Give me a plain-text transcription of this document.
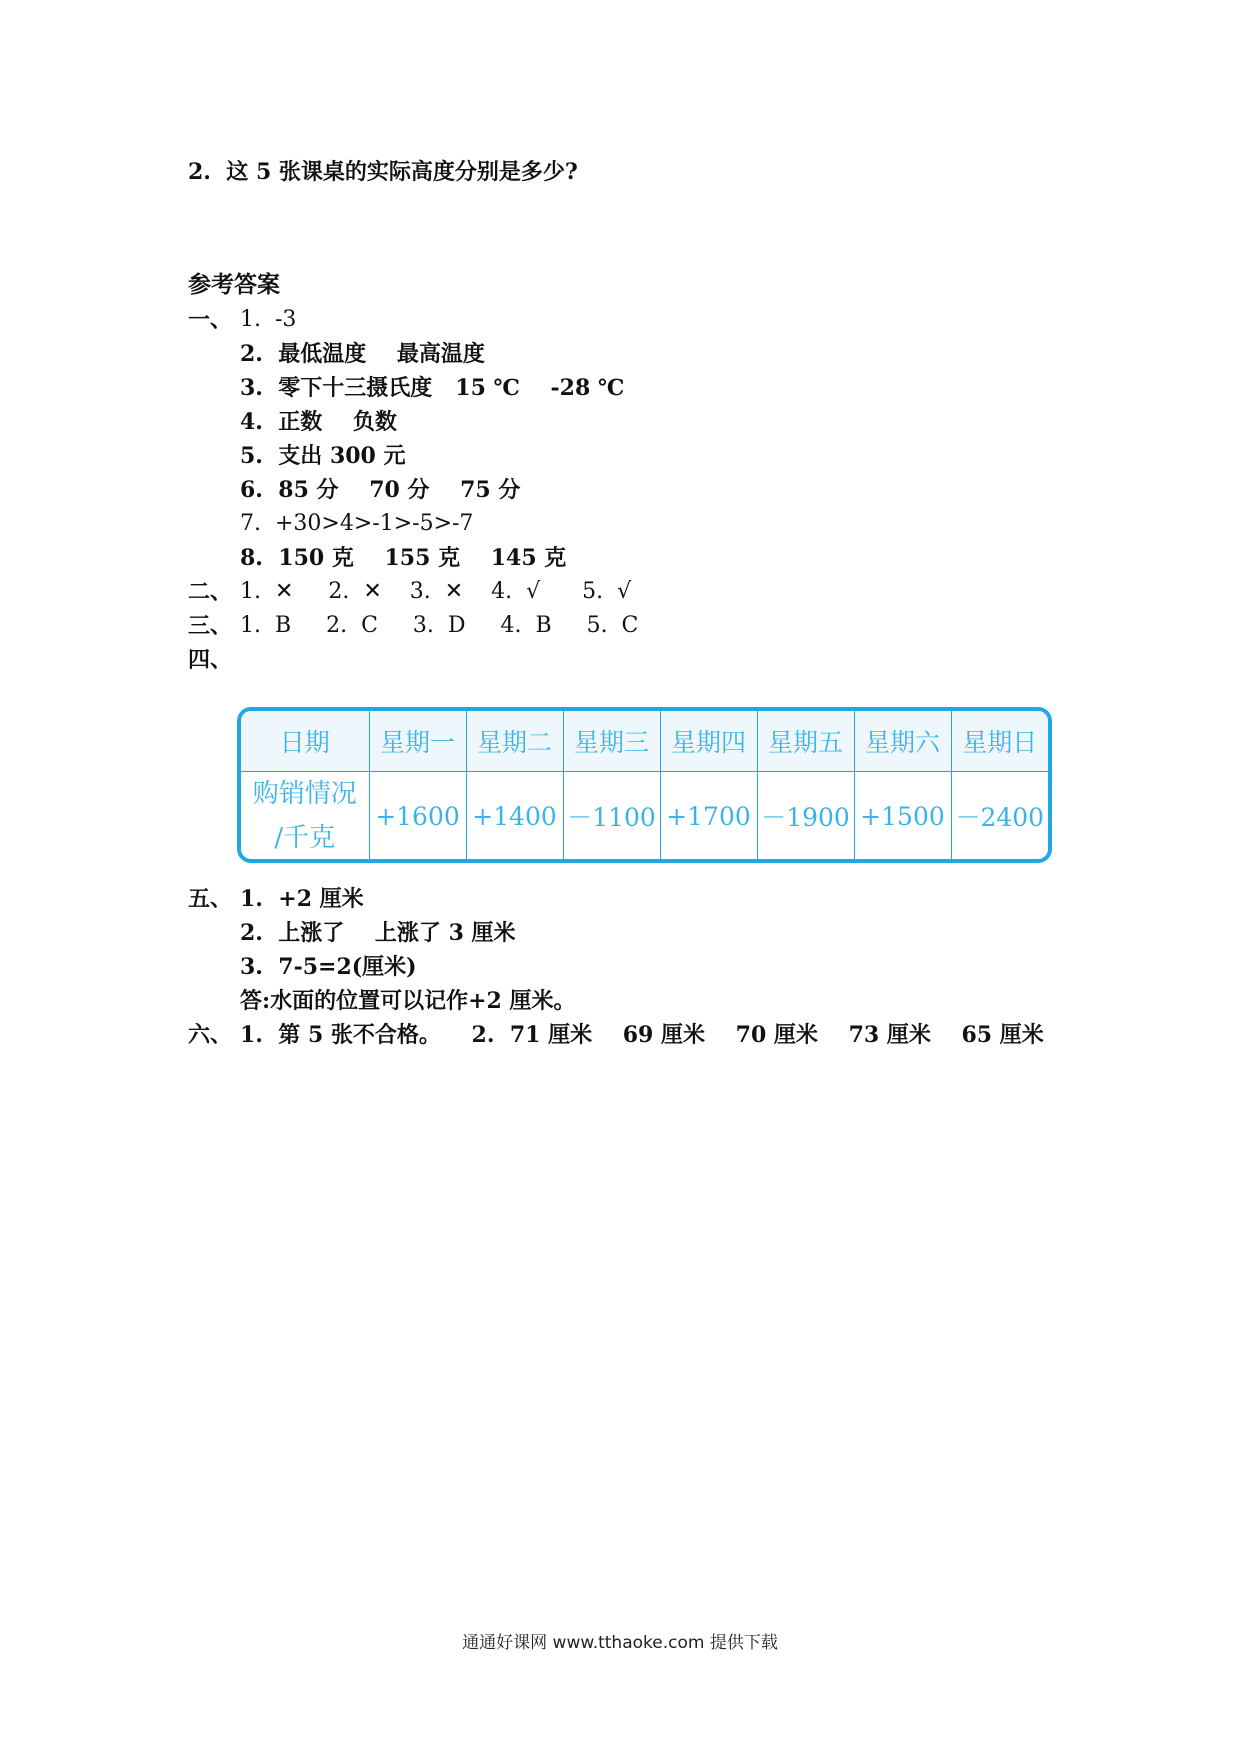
2.  这 5 张课桌的实际高度分别是多少?
参考答案
一、 1.  -3
2.  最低温度    最高温度
3.  零下十三摄氏度   15 ℃    -28 ℃
4.  正数    负数
5.  支出 300 元
6.  85 分    70 分    75 分
7.  +30>4>-1>-5>-7
8.  150 克    155 克    145 克
二、 1.  ✕     2.  ✕    3.  ✕    4.  √      5.  √
三、 1.  B     2.  C     3.  D     4.  B     5.  C
四、
日期	星期一	星期二	星期三	星期四	星期五	星期六	星期日

购销情况
/千克	+1600	+1400	－1100	+1700	－1900	+1500	－2400
五、 1.  +2 厘米
2.  上涨了    上涨了 3 厘米
3.  7-5=2(厘米)
答:水面的位置可以记作+2 厘米。
六、 1.  第 5 张不合格。    2.  71 厘米    69 厘米    70 厘米    73 厘米    65 厘米
通通好课网 www.tthaoke.com 提供下载
